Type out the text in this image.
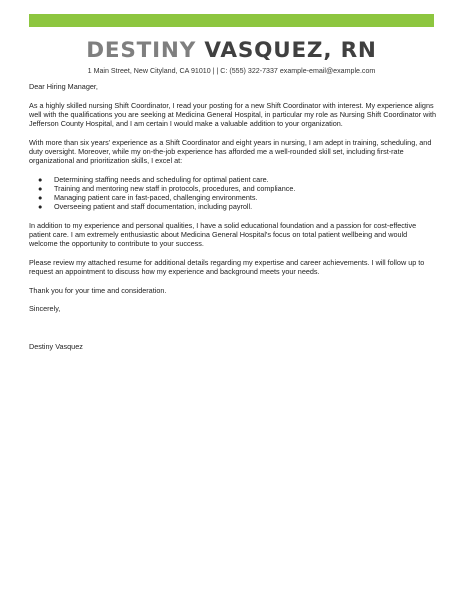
DESTINY VASQUEZ, RN
1 Main Street, New Cityland, CA 91010 | | C: (555) 322-7337 example-email@example.com

Dear Hiring Manager,

As a highly skilled nursing Shift Coordinator, I read your posting for a new Shift Coordinator with interest. My experience aligns well with the qualifications you are seeking at Medicina General Hospital, in particular my role as Nursing Shift Coordinator with Jefferson County Hospital, and I am certain I would make a valuable addition to your organization.

With more than six years' experience as a Shift Coordinator and eight years in nursing, I am adept in training, scheduling, and duty oversight. Moreover, while my on-the-job experience has afforded me a well-rounded skill set, including first-rate organizational and prioritization skills, I excel at:

● Determining staffing needs and scheduling for optimal patient care.
● Training and mentoring new staff in protocols, procedures, and compliance.
● Managing patient care in fast-paced, challenging environments.
● Overseeing patient and staff documentation, including payroll.

In addition to my experience and personal qualities, I have a solid educational foundation and a passion for cost-effective patient care. I am extremely enthusiastic about Medicina General Hospital's focus on total patient wellbeing and would welcome the opportunity to contribute to your success.

Please review my attached resume for additional details regarding my expertise and career achievements. I will follow up to request an appointment to discuss how my experience and background meets your needs.

Thank you for your time and consideration.

Sincerely,

Destiny Vasquez
